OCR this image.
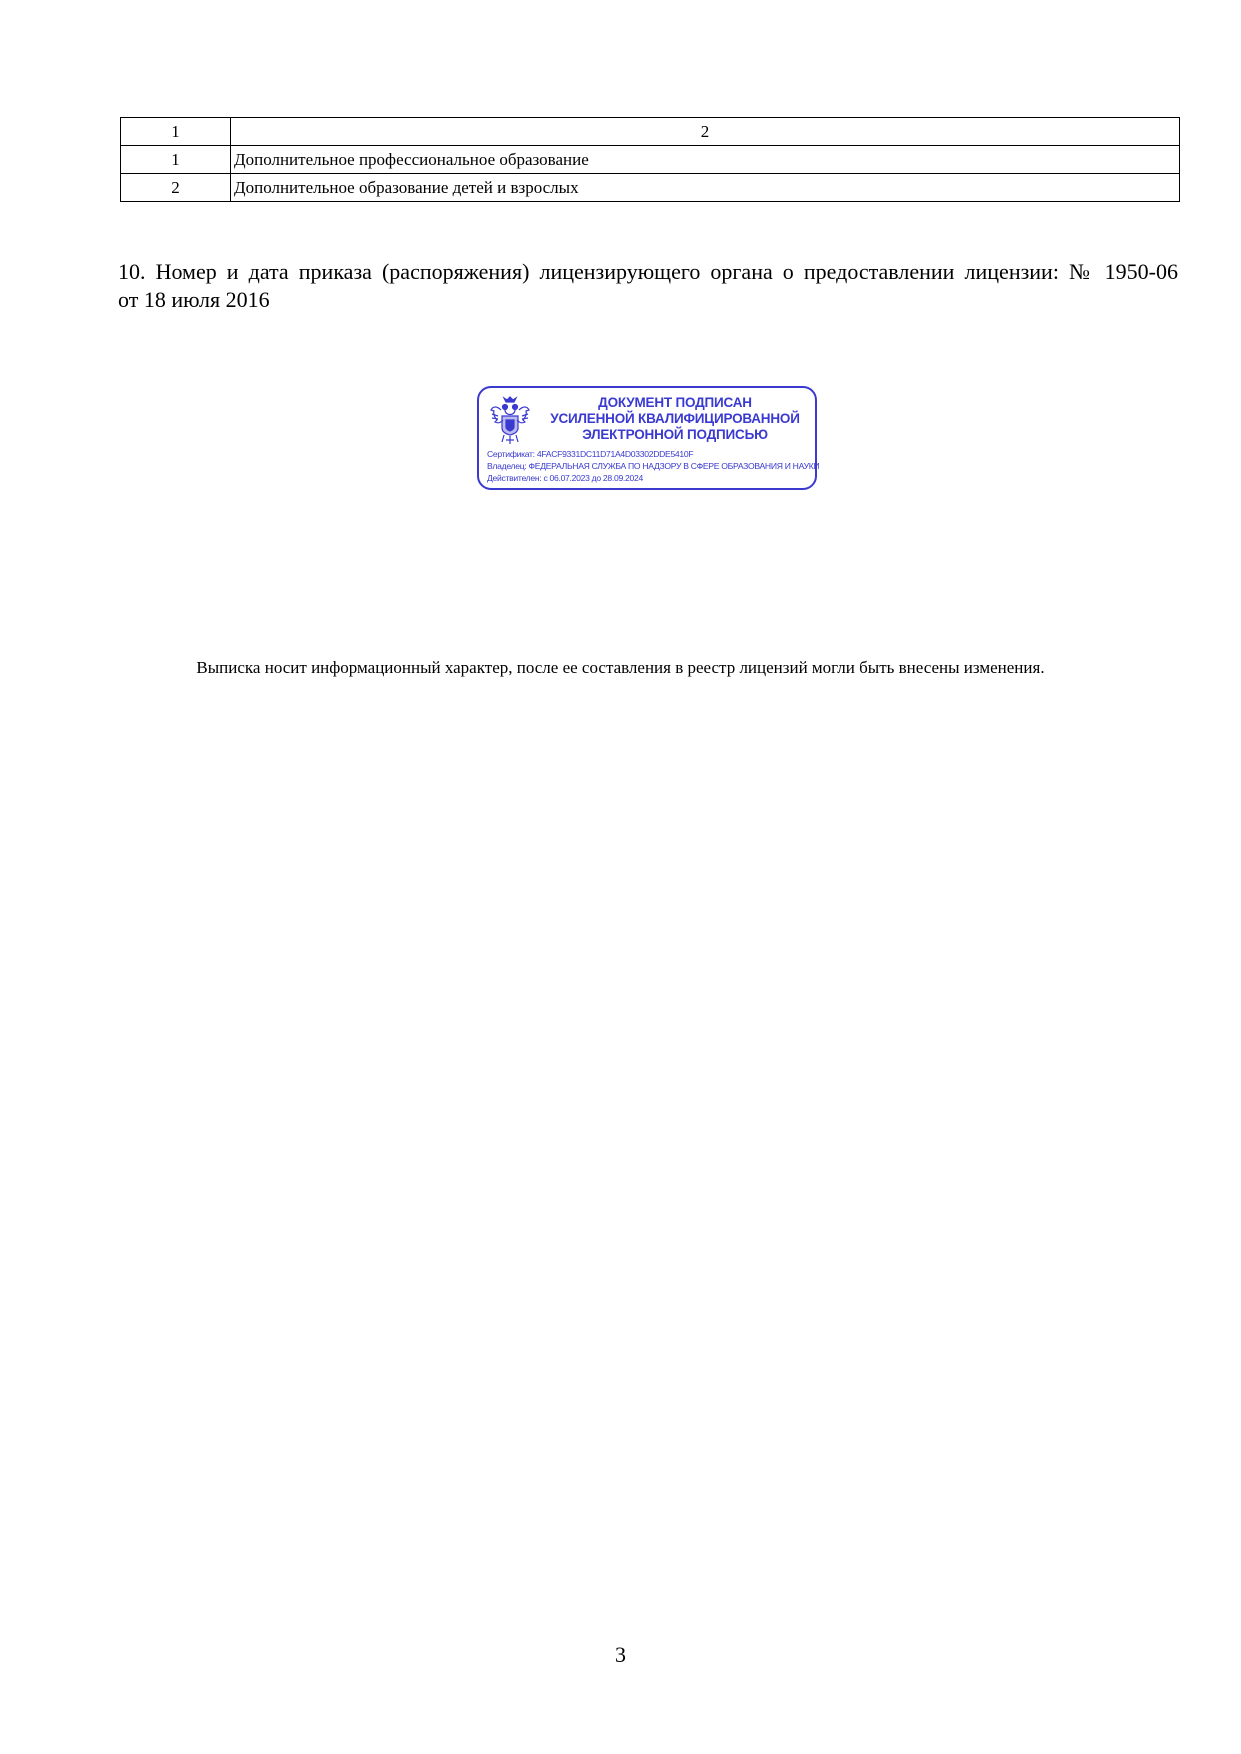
1	2
1	Дополнительное профессиональное образование
2	Дополнительное образование детей и взрослых
10. Номер и дата приказа (распоряжения) лицензирующего органа о предоставлении лицензии: № 1950-06
от 18 июля 2016
ДОКУМЕНТ ПОДПИСАН
УСИЛЕННОЙ КВАЛИФИЦИРОВАННОЙ
ЭЛЕКТРОННОЙ ПОДПИСЬЮ
Сертификат: 4FACF9331DC11D71A4D03302DDE5410F
Владелец: ФЕДЕРАЛЬНАЯ СЛУЖБА ПО НАДЗОРУ В СФЕРЕ ОБРАЗОВАНИЯ И НАУКИ
Действителен: с 06.07.2023 до 28.09.2024
Выписка носит информационный характер, после ее составления в реестр лицензий могли быть внесены изменения.
3
